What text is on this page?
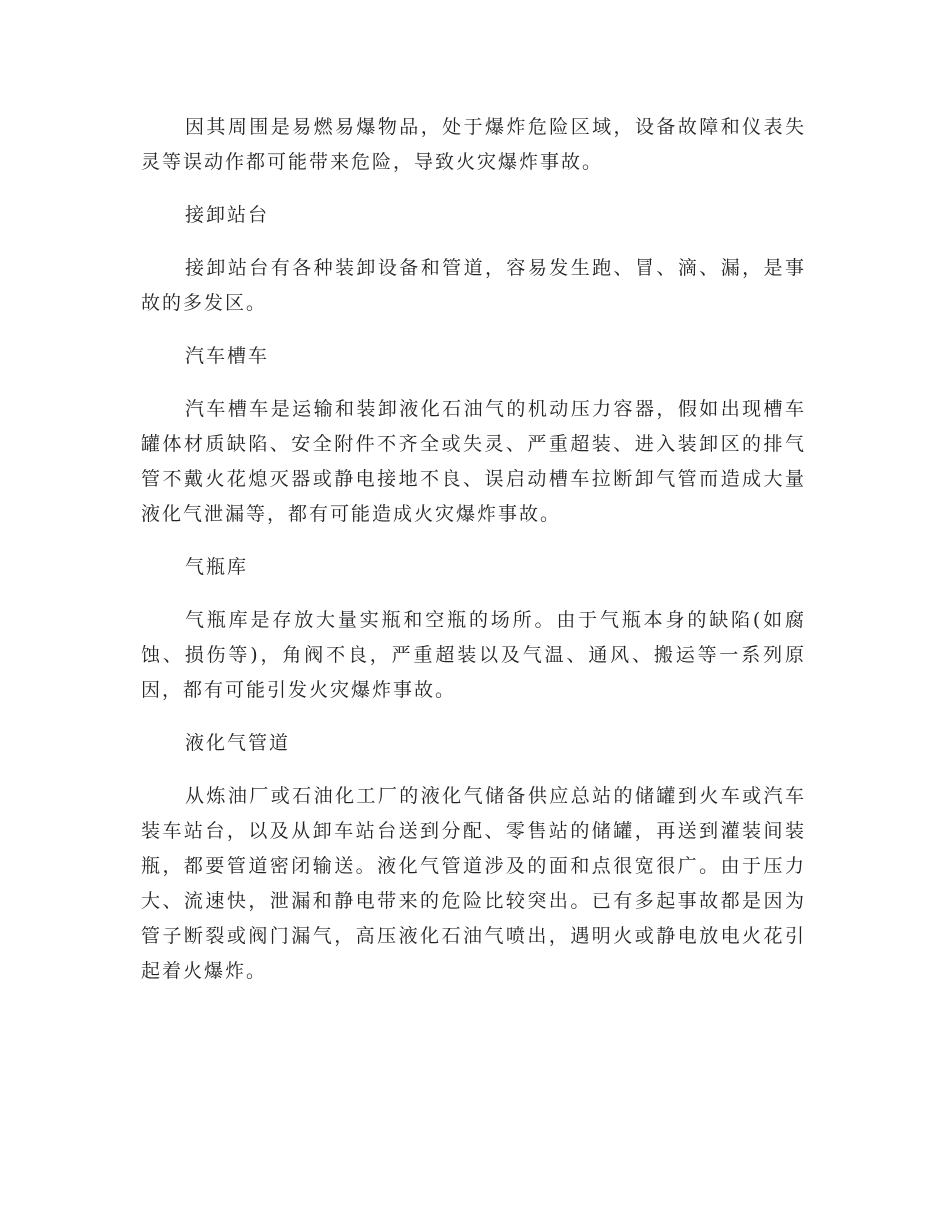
因其周围是易燃易爆物品，处于爆炸危险区域，设备故障和仪表失灵等误动作都可能带来危险，导致火灾爆炸事故。

接卸站台

接卸站台有各种装卸设备和管道，容易发生跑、冒、滴、漏，是事故的多发区。

汽车槽车

汽车槽车是运输和装卸液化石油气的机动压力容器，假如出现槽车罐体材质缺陷、安全附件不齐全或失灵、严重超装、进入装卸区的排气管不戴火花熄灭器或静电接地不良、误启动槽车拉断卸气管而造成大量液化气泄漏等，都有可能造成火灾爆炸事故。

气瓶库

气瓶库是存放大量实瓶和空瓶的场所。由于气瓶本身的缺陷(如腐蚀、损伤等)，角阀不良，严重超装以及气温、通风、搬运等一系列原因，都有可能引发火灾爆炸事故。

液化气管道

从炼油厂或石油化工厂的液化气储备供应总站的储罐到火车或汽车装车站台，以及从卸车站台送到分配、零售站的储罐，再送到灌装间装瓶，都要管道密闭输送。液化气管道涉及的面和点很宽很广。由于压力大、流速快，泄漏和静电带来的危险比较突出。已有多起事故都是因为管子断裂或阀门漏气，高压液化石油气喷出，遇明火或静电放电火花引起着火爆炸。
